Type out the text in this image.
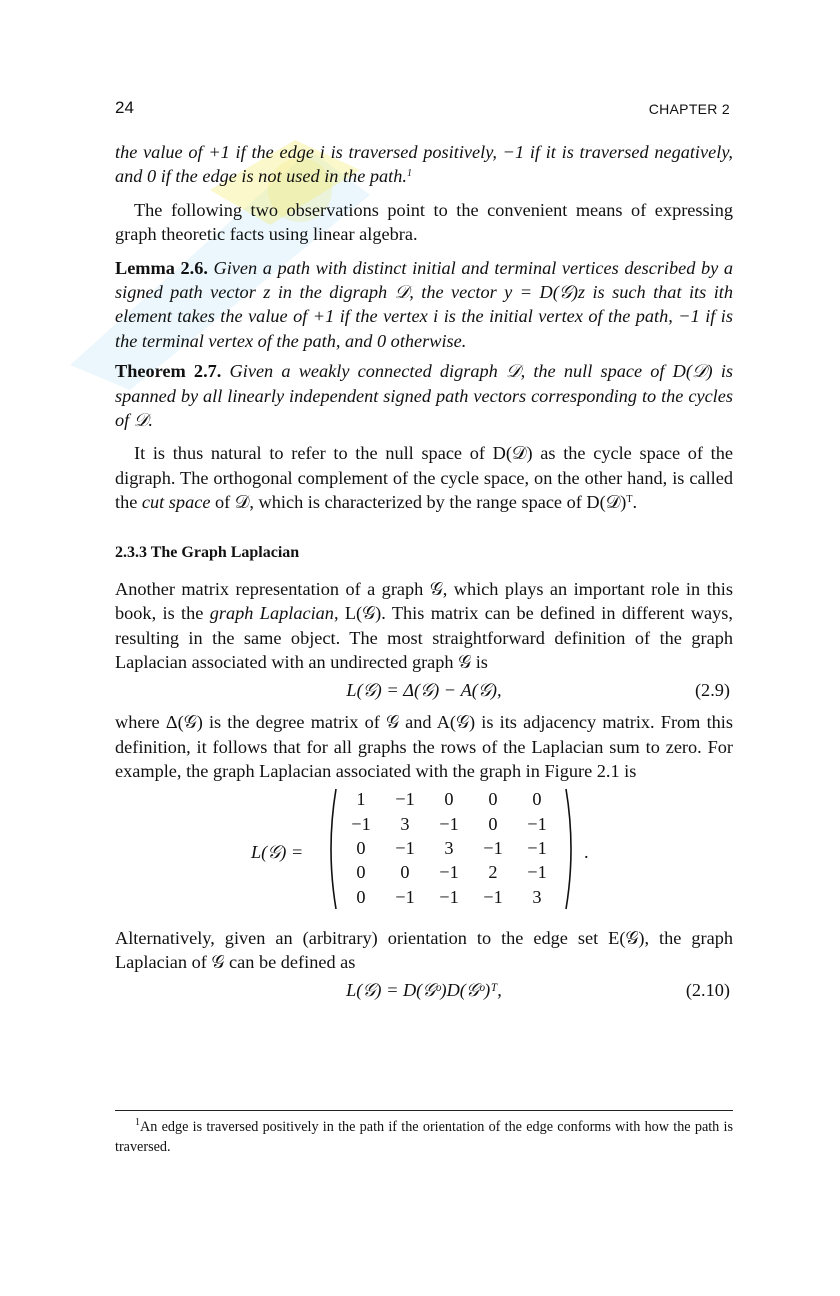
24	CHAPTER 2

the value of +1 if the edge i is traversed positively, −1 if it is traversed negatively, and 0 if the edge is not used in the path.$^1$

The following two observations point to the convenient means of expressing graph theoretic facts using linear algebra.

Lemma 2.6. Given a path with distinct initial and terminal vertices described by a signed path vector z in the digraph 𝒟, the vector y = D(𝒢)z is such that its ith element takes the value of +1 if the vertex i is the initial vertex of the path, −1 if is the terminal vertex of the path, and 0 otherwise.

Theorem 2.7. Given a weakly connected digraph 𝒟, the null space of D(𝒟) is spanned by all linearly independent signed path vectors corresponding to the cycles of 𝒟.

It is thus natural to refer to the null space of D(𝒟) as the cycle space of the digraph. The orthogonal complement of the cycle space, on the other hand, is called the cut space of 𝒟, which is characterized by the range space of D(𝒟)$^T$.

2.3.3 The Graph Laplacian

Another matrix representation of a graph 𝒢, which plays an important role in this book, is the graph Laplacian, L(𝒢). This matrix can be defined in different ways, resulting in the same object. The most straightforward definition of the graph Laplacian associated with an undirected graph 𝒢 is

L(𝒢) = Δ(𝒢) − A(𝒢),	(2.9)

where Δ(𝒢) is the degree matrix of 𝒢 and A(𝒢) is its adjacency matrix. From this definition, it follows that for all graphs the rows of the Laplacian sum to zero. For example, the graph Laplacian associated with the graph in Figure 2.1 is

L(𝒢) =
1	−1	0	0	0
−1	3	−1	0	−1
0	−1	3	−1	−1
0	0	−1	2	−1
0	−1	−1	−1	3
.

Alternatively, given an (arbitrary) orientation to the edge set E(𝒢), the graph Laplacian of 𝒢 can be defined as

L(𝒢) = D(𝒢ᵒ)D(𝒢ᵒ)ᵀ,	(2.10)
$^1$An edge is traversed positively in the path if the orientation of the edge conforms with how the path is traversed.
